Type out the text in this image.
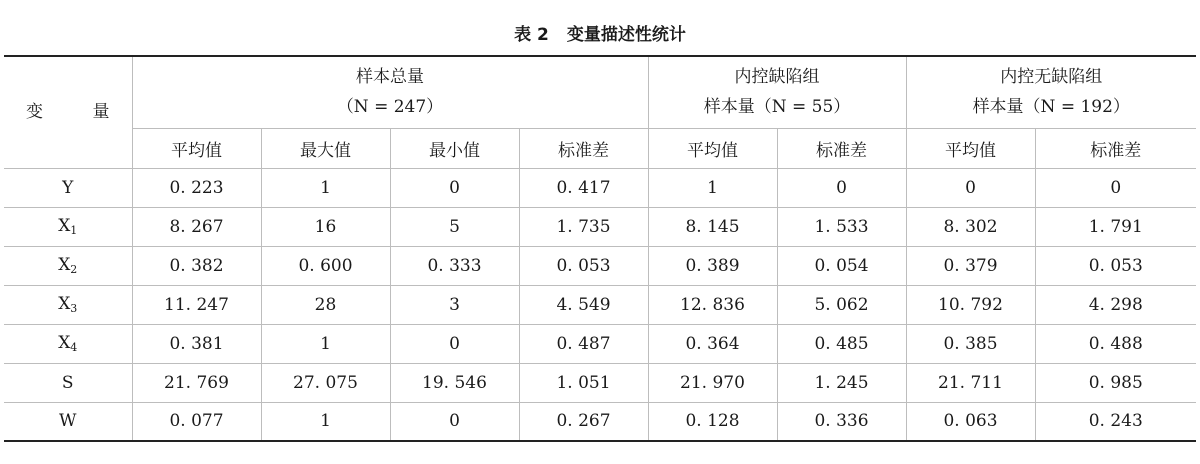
表 2 变量描述性统计
变 量	样本总量
（N = 247）				内控缺陷组
样本量（N = 55）		内控无缺陷组
样本量（N = 192）	

	平均值	最大值	最小值	标准差	平均值	标准差	平均值	标准差
Y	0. 223	1	0	0. 417	1	0	0	0
$X_1$	8. 267	16	5	1. 735	8. 145	1. 533	8. 302	1. 791
$X_2$	0. 382	0. 600	0. 333	0. 053	0. 389	0. 054	0. 379	0. 053
$X_3$	11. 247	28	3	4. 549	12. 836	5. 062	10. 792	4. 298
$X_4$	0. 381	1	0	0. 487	0. 364	0. 485	0. 385	0. 488
S	21. 769	27. 075	19. 546	1. 051	21. 970	1. 245	21. 711	0. 985
W	0. 077	1	0	0. 267	0. 128	0. 336	0. 063	0. 243
